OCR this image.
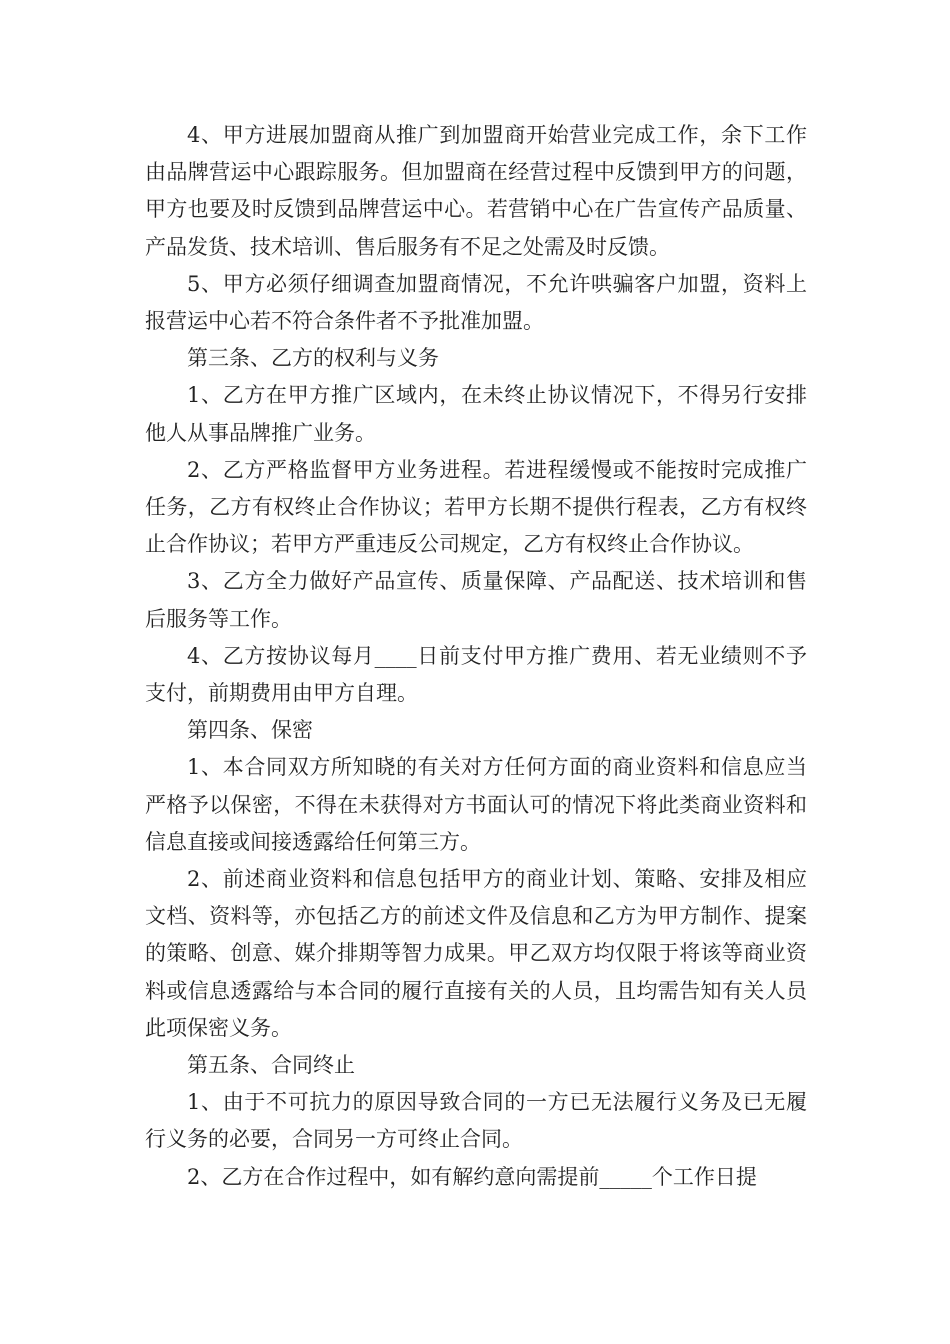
4、甲方进展加盟商从推广到加盟商开始营业完成工作，余下工作由品牌营运中心跟踪服务。但加盟商在经营过程中反馈到甲方的问题，甲方也要及时反馈到品牌营运中心。若营销中心在广告宣传产品质量、产品发货、技术培训、售后服务有不足之处需及时反馈。

5、甲方必须仔细调查加盟商情况，不允许哄骗客户加盟，资料上报营运中心若不符合条件者不予批准加盟。

第三条、乙方的权利与义务

1、乙方在甲方推广区域内，在未终止协议情况下，不得另行安排他人从事品牌推广业务。

2、乙方严格监督甲方业务进程。若进程缓慢或不能按时完成推广任务，乙方有权终止合作协议；若甲方长期不提供行程表，乙方有权终止合作协议；若甲方严重违反公司规定，乙方有权终止合作协议。

3、乙方全力做好产品宣传、质量保障、产品配送、技术培训和售后服务等工作。

4、乙方按协议每月____日前支付甲方推广费用、若无业绩则不予支付，前期费用由甲方自理。

第四条、保密

1、本合同双方所知晓的有关对方任何方面的商业资料和信息应当严格予以保密，不得在未获得对方书面认可的情况下将此类商业资料和信息直接或间接透露给任何第三方。

2、前述商业资料和信息包括甲方的商业计划、策略、安排及相应文档、资料等，亦包括乙方的前述文件及信息和乙方为甲方制作、提案的策略、创意、媒介排期等智力成果。甲乙双方均仅限于将该等商业资料或信息透露给与本合同的履行直接有关的人员，且均需告知有关人员此项保密义务。

第五条、合同终止

1、由于不可抗力的原因导致合同的一方已无法履行义务及已无履行义务的必要，合同另一方可终止合同。

2、乙方在合作过程中，如有解约意向需提前_____个工作日提
